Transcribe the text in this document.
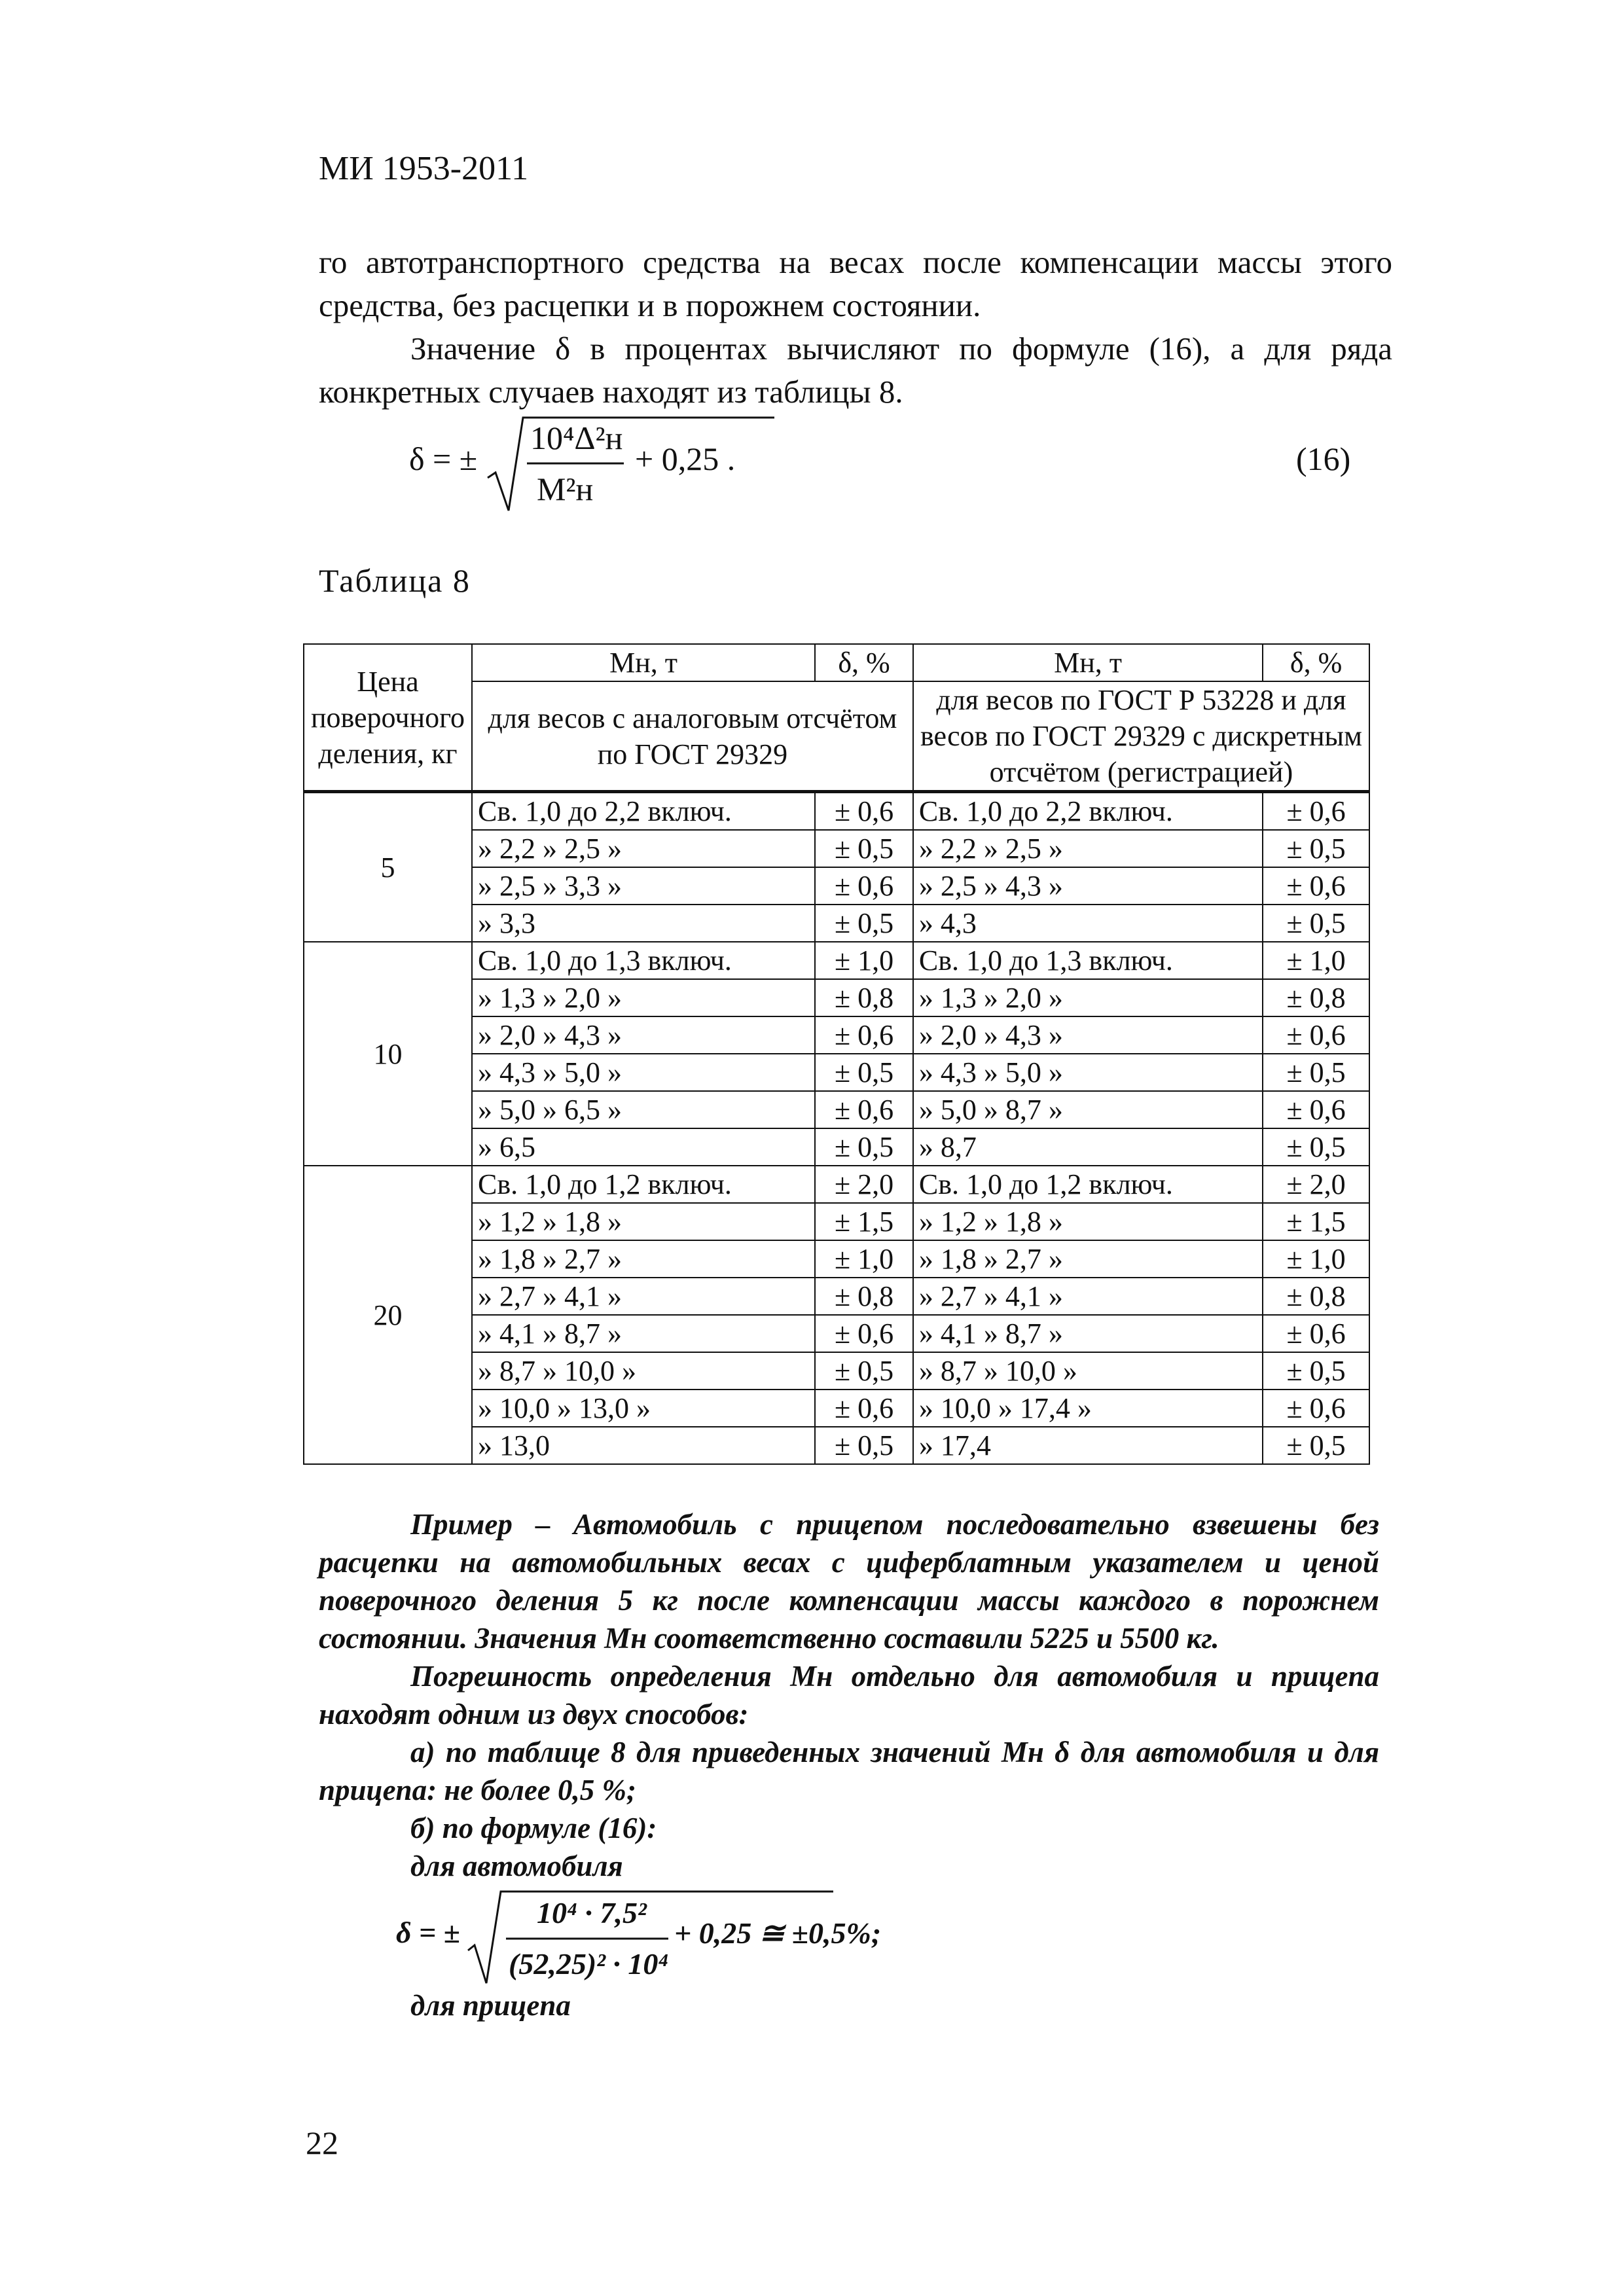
МИ 1953-2011
го автотранспортного средства на весах после компенсации массы этого средства, без расцепки и в порожнем состоянии.
Значение δ в процентах вычисляют по формуле (16), а для ряда конкретных случаев находят из таблицы 8.
δ = ±
10⁴Δ²н
М²н
+ 0,25 .	(16)
Таблица 8
Цена поверочного деления, кг	Мн, т	δ, %	Мн, т	δ, %
	для весов с аналоговым отсчётом по ГОСТ 29329		для весов по ГОСТ Р 53228 и для весов по ГОСТ 29329 с дискретным отсчётом (регистрацией)	
5	Св. 1,0 до 2,2 включ.	± 0,6	Св. 1,0 до 2,2 включ.	± 0,6
	» 2,2 » 2,5 »	± 0,5	» 2,2 » 2,5 »	± 0,5
	» 2,5 » 3,3 »	± 0,6	» 2,5 » 4,3 »	± 0,6
	» 3,3	± 0,5	» 4,3	± 0,5
10	Св. 1,0 до 1,3 включ.	± 1,0	Св. 1,0 до 1,3 включ.	± 1,0
	» 1,3 » 2,0 »	± 0,8	» 1,3 » 2,0 »	± 0,8
	» 2,0 » 4,3 »	± 0,6	» 2,0 » 4,3 »	± 0,6
	» 4,3 » 5,0 »	± 0,5	» 4,3 » 5,0 »	± 0,5
	» 5,0 » 6,5 »	± 0,6	» 5,0 » 8,7 »	± 0,6
	» 6,5	± 0,5	» 8,7	± 0,5
20	Св. 1,0 до 1,2 включ.	± 2,0	Св. 1,0 до 1,2 включ.	± 2,0
	» 1,2 » 1,8 »	± 1,5	» 1,2 » 1,8 »	± 1,5
	» 1,8 » 2,7 »	± 1,0	» 1,8 » 2,7 »	± 1,0
	» 2,7 » 4,1 »	± 0,8	» 2,7 » 4,1 »	± 0,8
	» 4,1 » 8,7 »	± 0,6	» 4,1 » 8,7 »	± 0,6
	» 8,7 » 10,0 »	± 0,5	» 8,7 » 10,0 »	± 0,5
	» 10,0 » 13,0 »	± 0,6	» 10,0 » 17,4 »	± 0,6
	» 13,0	± 0,5	» 17,4	± 0,5
Пример – Автомобиль с прицепом последовательно взвешены без расцепки на автомобильных весах с циферблатным указателем и ценой поверочного деления 5 кг после компенсации массы каждого в порожнем состоянии. Значения Мн соответственно составили 5225 и 5500 кг.
Погрешность определения Мн отдельно для автомобиля и прицепа находят одним из двух способов:
а) по таблице 8 для приведенных значений Мн δ для автомобиля и для прицепа: не более 0,5 %;
б) по формуле (16):
для автомобиля
δ = ±
10⁴ · 7,5²
(52,25)² · 10⁴
+ 0,25 ≅ ±0,5%;
для прицепа
22
